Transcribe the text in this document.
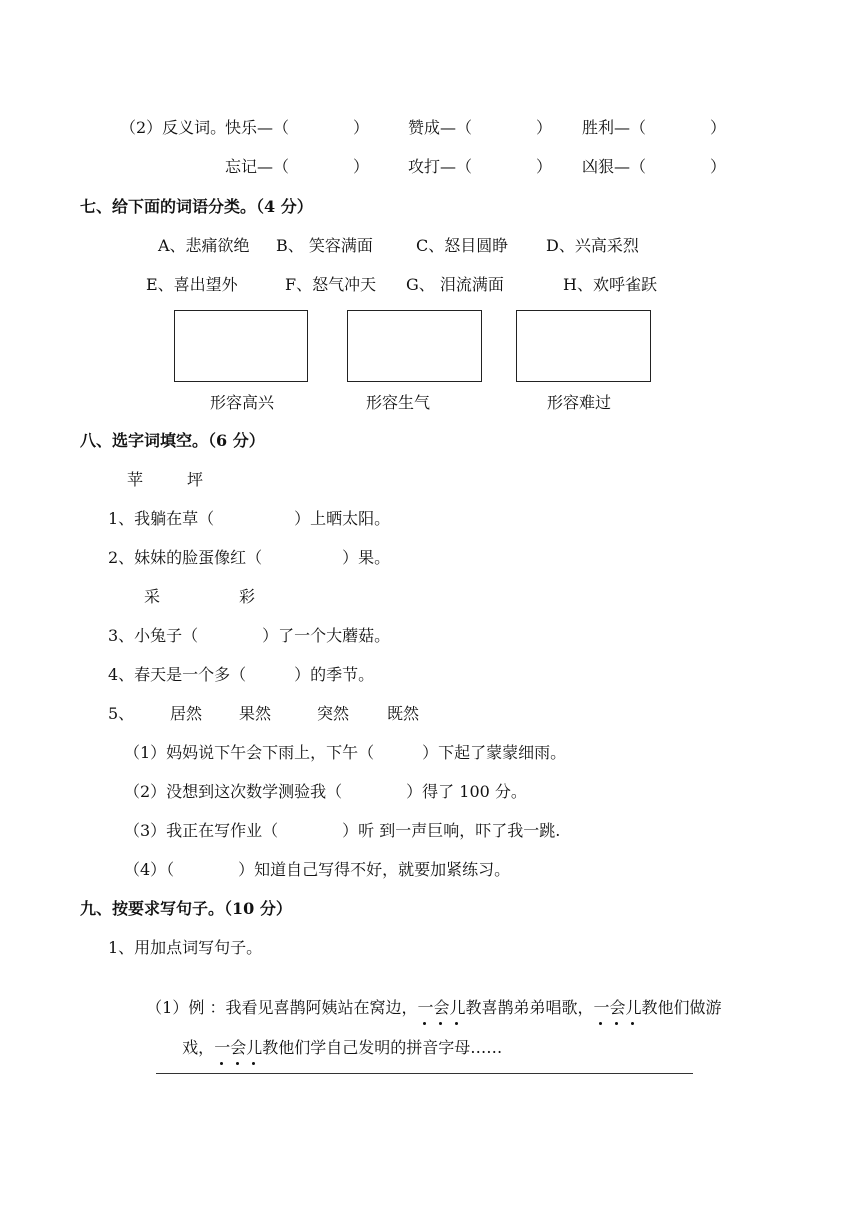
（2）反义词。
快乐—（　　　　） 赞成—（　　　　） 胜利—（　　　　）
忘记—（　　　　） 攻打—（　　　　） 凶狠—（　　　　）
七、给下面的词语分类。（4 分）
A、悲痛欲绝 B、 笑容满面	C、怒目圆睁 D、兴高采烈
E、喜出望外	F、怒气冲天 G、 泪流满面	H、欢呼雀跃
形容高兴	形容生气	形容难过
八、选字词填空。（6 分）
苹	坪
1、我躺在草（　　　　　）上晒太阳。
2、妹妹的脸蛋像红（　　　　　）果。
采	彩
3、小兔子（　　　　）了一个大蘑菇。
4、春天是一个多（　　　）的季节。
5、 居然 果然	突然 既然
（1）妈妈说下午会下雨上，下午（　　　）下起了蒙蒙细雨。
（2）没想到这次数学测验我（　　　　）得了 100 分。
（3）我正在写作业（　　　　）听 到一声巨响，吓了我一跳.
（4）（　　　　）知道自己写得不好，就要加紧练习。
九、按要求写句子。（10 分）
1、用加点词写句子。

（1）例 ：我看见喜鹊阿姨站在窝边，一会儿
教喜鹊弟弟唱歌，一会儿
教他们做游

戏，一会儿
教他们学自己发明的拼音字母……
